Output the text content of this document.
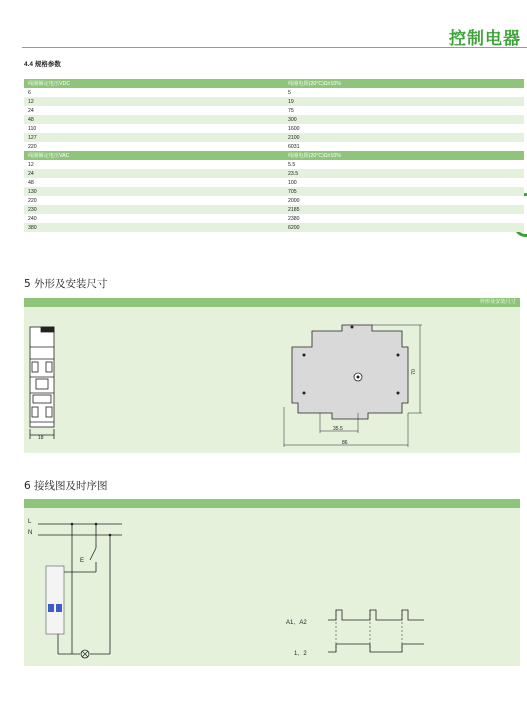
控制电器
4.4 规格参数
线圈额定电压VDC	线圈电阻(20°C)Ω±10%
6	5
12	19
24	75
48	300
110	1600
127	2100
220	6031
线圈额定电压VAC	线圈电阻(20°C)Ω±10%
12	5.5
24	23.5
48	100
130	705
220	2000
230	2185
240	2380
380	6200
5 外形及安装尺寸
外形及安装尺寸
18
70
35.5
86
6 接线图及时序图
L
N
E
A1、A2
1、2
